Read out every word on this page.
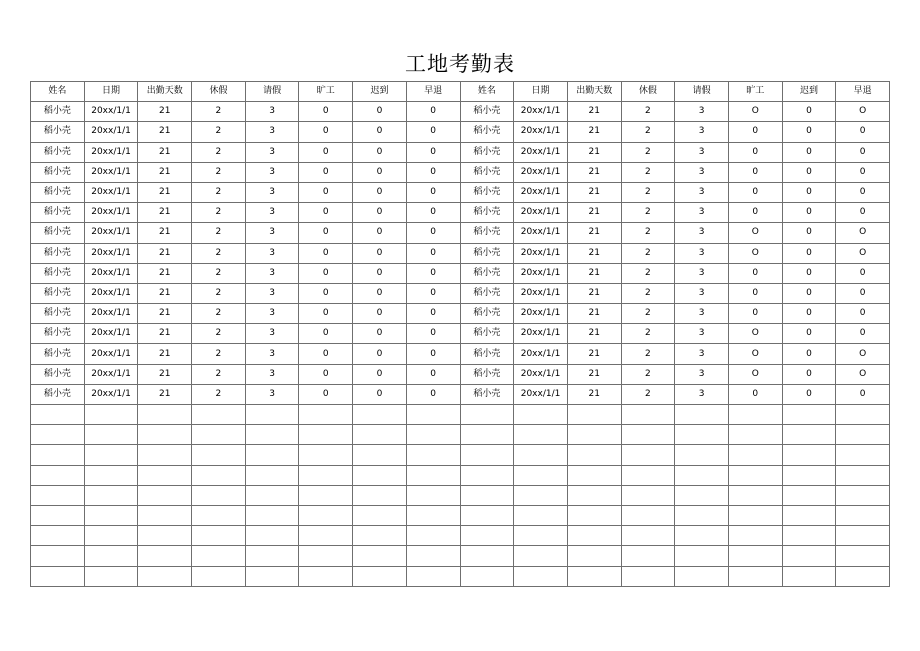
工地考勤表
姓名	日期	出勤天数	休假	请假	旷工	迟到	早退	姓名	日期	出勤天数	休假	请假	旷工	迟到	早退
稻小壳	20xx/1/1	21	2	3	0	0	0	稻小壳	20xx/1/1	21	2	3	O	0	O
稻小壳	20xx/1/1	21	2	3	0	0	0	稻小壳	20xx/1/1	21	2	3	0	0	0
稻小壳	20xx/1/1	21	2	3	0	0	0	稻小壳	20xx/1/1	21	2	3	0	0	0
稻小壳	20xx/1/1	21	2	3	0	0	0	稻小壳	20xx/1/1	21	2	3	0	0	0
稻小壳	20xx/1/1	21	2	3	0	0	0	稻小壳	20xx/1/1	21	2	3	0	0	0
稻小壳	20xx/1/1	21	2	3	0	0	0	稻小壳	20xx/1/1	21	2	3	0	0	0
稻小壳	20xx/1/1	21	2	3	0	0	0	稻小壳	20xx/1/1	21	2	3	O	0	O
稻小壳	20xx/1/1	21	2	3	0	0	0	稻小壳	20xx/1/1	21	2	3	O	0	O
稻小壳	20xx/1/1	21	2	3	0	0	0	稻小壳	20xx/1/1	21	2	3	0	0	0
稻小壳	20xx/1/1	21	2	3	0	0	0	稻小壳	20xx/1/1	21	2	3	0	0	0
稻小壳	20xx/1/1	21	2	3	0	0	0	稻小壳	20xx/1/1	21	2	3	0	0	0
稻小壳	20xx/1/1	21	2	3	0	0	0	稻小壳	20xx/1/1	21	2	3	O	0	0
稻小壳	20xx/1/1	21	2	3	0	0	0	稻小壳	20xx/1/1	21	2	3	O	0	O
稻小壳	20xx/1/1	21	2	3	0	0	0	稻小壳	20xx/1/1	21	2	3	O	0	O
稻小壳	20xx/1/1	21	2	3	0	0	0	稻小壳	20xx/1/1	21	2	3	0	0	0
